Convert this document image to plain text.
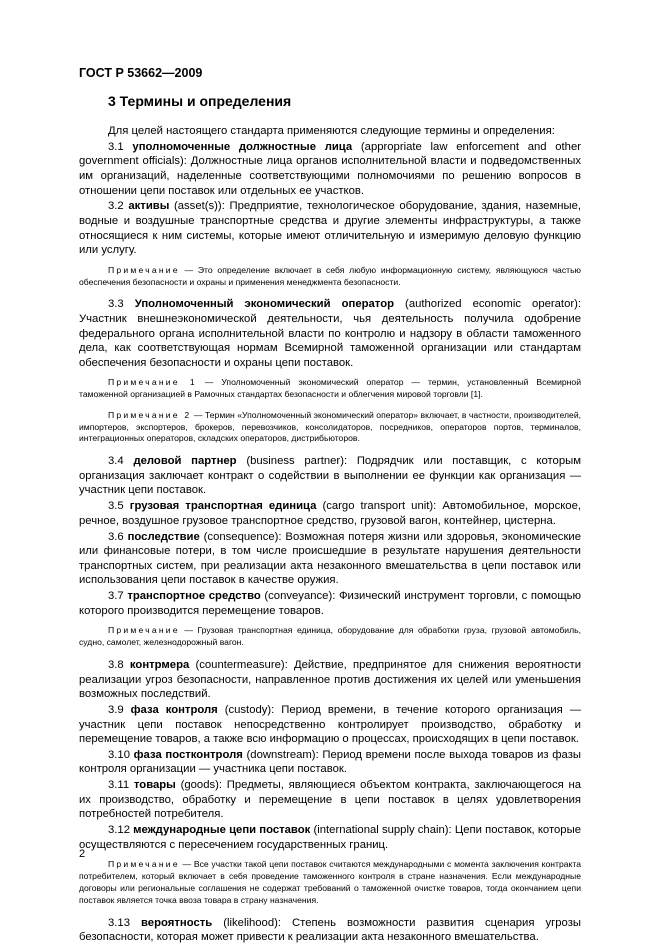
ГОСТ Р 53662—2009

3 Термины и определения

Для целей настоящего стандарта применяются следующие термины и определения:

3.1 уполномоченные должностные лица (appropriate law enforcement and other government officials): Должностные лица органов исполнительной власти и подведомственных им организаций, наделенные соответствующими полномочиями по решению вопросов в отношении цепи поставок или отдельных ее участков.

3.2 активы (asset(s)): Предприятие, технологическое оборудование, здания, наземные, водные и воздушные транспортные средства и другие элементы инфраструктуры, а также относящиеся к ним системы, которые имеют отличительную и измеримую деловую функцию или услугу.

Примечание — Это определение включает в себя любую информационную систему, являющуюся частью обеспечения безопасности и охраны и применения менеджмента безопасности.

3.3 Уполномоченный экономический оператор (authorized economic operator): Участник внешнеэкономической деятельности, чья деятельность получила одобрение федерального органа исполнительной власти по контролю и надзору в области таможенного дела, как соответствующая нормам Всемирной таможенной организации или стандартам обеспечения безопасности и охраны цепи поставок.

Примечание 1 — Уполномоченный экономический оператор — термин, установленный Всемирной таможенной организацией в Рамочных стандартах безопасности и облегчения мировой торговли [1].

Примечание 2 — Термин «Уполномоченный экономический оператор» включает, в частности, производителей, импортеров, экспортеров, брокеров, перевозчиков, консолидаторов, посредников, операторов портов, терминалов, интеграционных операторов, складских операторов, дистрибьюторов.

3.4 деловой партнер (business partner): Подрядчик или поставщик, с которым организация заключает контракт о содействии в выполнении ее функции как организация — участник цепи поставок.

3.5 грузовая транспортная единица (cargo transport unit): Автомобильное, морское, речное, воздушное грузовое транспортное средство, грузовой вагон, контейнер, цистерна.

3.6 последствие (consequence): Возможная потеря жизни или здоровья, экономические или финансовые потери, в том числе происшедшие в результате нарушения деятельности транспортных систем, при реализации акта незаконного вмешательства в цепи поставок или использования цепи поставок в качестве оружия.

3.7 транспортное средство (conveyance): Физический инструмент торговли, с помощью которого производится перемещение товаров.

Примечание — Грузовая транспортная единица, оборудование для обработки груза, грузовой автомобиль, судно, самолет, железнодорожный вагон.

3.8 контрмера (countermeasure): Действие, предпринятое для снижения вероятности реализации угроз безопасности, направленное против достижения их целей или уменьшения возможных последствий.

3.9 фаза контроля (custody): Период времени, в течение которого организация — участник цепи поставок непосредственно контролирует производство, обработку и перемещение товаров, а также всю информацию о процессах, происходящих в цепи поставок.

3.10 фаза постконтроля (downstream): Период времени после выхода товаров из фазы контроля организации — участника цепи поставок.

3.11 товары (goods): Предметы, являющиеся объектом контракта, заключающегося на их производство, обработку и перемещение в цепи поставок в целях удовлетворения потребностей потребителя.

3.12 международные цепи поставок (international supply chain): Цепи поставок, которые осуществляются с пересечением государственных границ.

Примечание — Все участки такой цепи поставок считаются международными с момента заключения контракта потребителем, который включает в себя проведение таможенного контроля в стране назначения. Если международные договоры или региональные соглашения не содержат требований о таможенной очистке товаров, тогда окончанием цепи поставок является точка ввоза товара в страну назначения.

3.13 вероятность (likelihood): Степень возможности развития сценария угрозы безопасности, которая может привести к реализации акта незаконного вмешательства.

2
